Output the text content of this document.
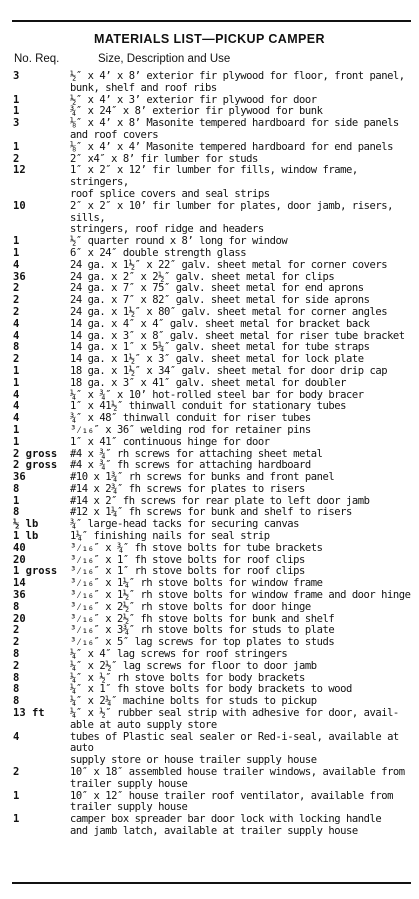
MATERIALS LIST—PICKUP CAMPER
No. Req.	Size, Description and Use
3	½″ x 4’ x 8’ exterior fir plywood for floor, front panel,
bunk, shelf and roof ribs
1	½″ x 4’ x 3’ exterior fir plywood for door
1	¾″ x 24″ x 8’ exterior fir plywood for bunk
3	⅛″ x 4’ x 8’ Masonite tempered hardboard for side panels
and roof covers
1	⅛″ x 4’ x 4’ Masonite tempered hardboard for end panels
2	2″ x4″ x 8’ fir lumber for studs
12	1″ x 2″ x 12’ fir lumber for fills, window frame, stringers,
roof splice covers and seal strips
10	2″ x 2″ x 10’ fir lumber for plates, door jamb, risers, sills,
stringers, roof ridge and headers
1	½″ quarter round x 8’ long for window
1	6″ x 24″ double strength glass
4	24 ga. x 1½″ x 22″ galv. sheet metal for corner covers
36	24 ga. x 2″ x 2½″ galv. sheet metal for clips
2	24 ga. x 7″ x 75″ galv. sheet metal for end aprons
2	24 ga. x 7″ x 82″ galv. sheet metal for side aprons
2	24 ga. x 1½″ x 80″ galv. sheet metal for corner angles
4	14 ga. x 4″ x 4″ galv. sheet metal for bracket back
4	14 ga. x 3″ x 8″ galv. sheet metal for riser tube bracket
8	14 ga. x 1″ x 5¼″ galv. sheet metal for tube straps
2	14 ga. x 1½″ x 3″ galv. sheet metal for lock plate
1	18 ga. x 1½″ x 34″ galv. sheet metal for door drip cap
1	18 ga. x 3″ x 41″ galv. sheet metal for doubler
4	¼″ x ¾″ x 10’ hot-rolled steel bar for body bracer
4	1″ x 41½″ thinwall conduit for stationary tubes
4	¾″ x 48″ thinwall conduit for riser tubes
1	³⁄₁₆″ x 36″ welding rod for retainer pins
1	1″ x 41″ continuous hinge for door
2 gross	#4 x ¾″ rh screws for attaching sheet metal
2 gross	#4 x ¾″ fh screws for attaching hardboard
36	#10 x 1¾″ rh screws for bunks and front panel
8	#14 x 2¾″ fh screws for plates to risers
1	#14 x 2″ fh screws for rear plate to left door jamb
8	#12 x 1¼″ fh screws for bunk and shelf to risers
½ lb	¾″ large-head tacks for securing canvas
1 lb	1¼″ finishing nails for seal strip
40	³⁄₁₆″ x ¾″ fh stove bolts for tube brackets
20	³⁄₁₆″ x 1″ fh stove bolts for roof clips
1 gross	³⁄₁₆″ x 1″ rh stove bolts for roof clips
14	³⁄₁₆″ x 1¼″ rh stove bolts for window frame
36	³⁄₁₆″ x 1½″ rh stove bolts for window frame and door hinge
8	³⁄₁₆″ x 2½″ rh stove bolts for door hinge
20	³⁄₁₆″ x 2½″ fh stove bolts for bunk and shelf
2	³⁄₁₆″ x 3¾″ rh stove bolts for studs to plate
2	³⁄₁₆″ x 5″ lag screws for top plates to studs
8	¼″ x 4″ lag screws for roof stringers
2	¼″ x 2½″ lag screws for floor to door jamb
8	¼″ x ½″ rh stove bolts for body brackets
8	¼″ x 1″ fh stove bolts for body brackets to wood
8	¼″ x 2¼″ machine bolts for studs to pickup
13 ft	¼″ x ½″ rubber seal strip with adhesive for door, avail-
able at auto supply store
4	tubes of Plastic seal sealer or Red-i-seal, available at auto
supply store or house trailer supply house
2	10″ x 18″ assembled house trailer windows, available from
trailer supply house
1	10″ x 12″ house trailer roof ventilator, available from
trailer supply house
1	camper box spreader bar door lock with locking handle
and jamb latch, available at trailer supply house
